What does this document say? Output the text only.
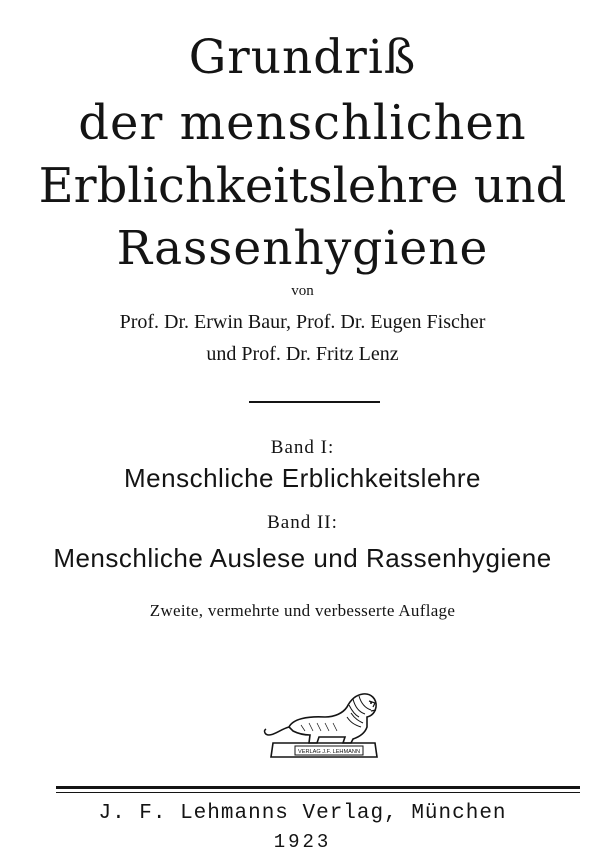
Grundriß
der menschlichen
Erblichkeitslehre und
Rassenhygiene
von
Prof. Dr. Erwin Baur, Prof. Dr. Eugen Fischer
und Prof. Dr. Fritz Lenz
Band I:
Menschliche Erblichkeitslehre
Band II:
Menschliche Auslese und Rassenhygiene
Zweite, vermehrte und verbesserte Auflage
VERLAG J.F. LEHMANN
J. F. Lehmanns Verlag, München
1923
